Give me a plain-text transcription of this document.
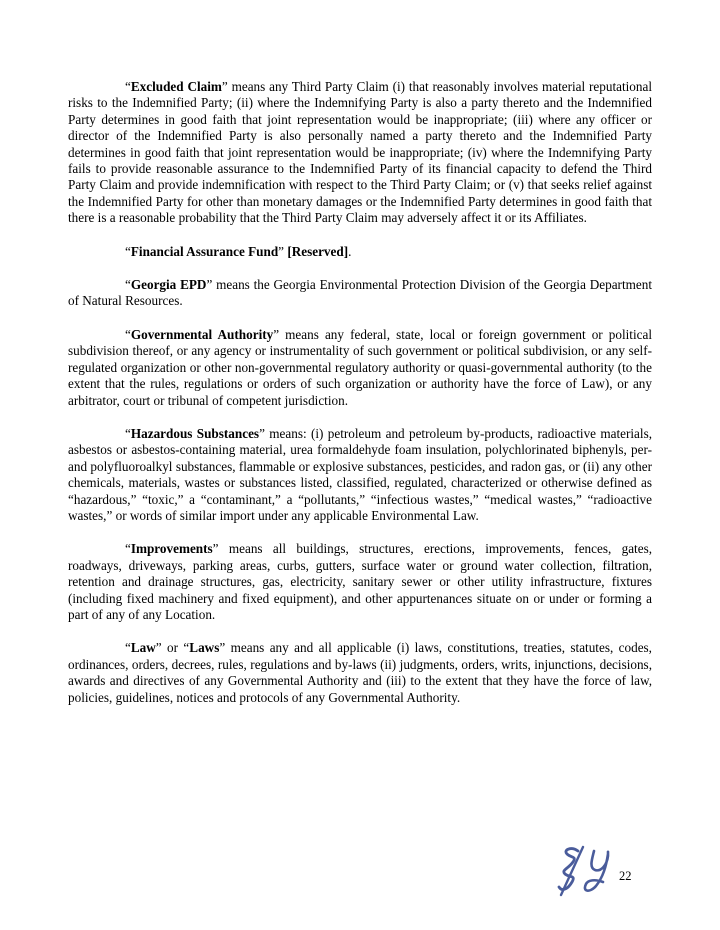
“Excluded Claim” means any Third Party Claim (i) that reasonably involves material reputational risks to the Indemnified Party; (ii) where the Indemnifying Party is also a party thereto and the Indemnified Party determines in good faith that joint representation would be inappropriate; (iii) where any officer or director of the Indemnified Party is also personally named a party thereto and the Indemnified Party determines in good faith that joint representation would be inappropriate; (iv) where the Indemnifying Party fails to provide reasonable assurance to the Indemnified Party of its financial capacity to defend the Third Party Claim and provide indemnification with respect to the Third Party Claim; or (v) that seeks relief against the Indemnified Party for other than monetary damages or the Indemnified Party determines in good faith that there is a reasonable probability that the Third Party Claim may adversely affect it or its Affiliates.

“Financial Assurance Fund” [Reserved].

“Georgia EPD” means the Georgia Environmental Protection Division of the Georgia Department of Natural Resources.

“Governmental Authority” means any federal, state, local or foreign government or political subdivision thereof, or any agency or instrumentality of such government or political subdivision, or any self-regulated organization or other non-governmental regulatory authority or quasi-governmental authority (to the extent that the rules, regulations or orders of such organization or authority have the force of Law), or any arbitrator, court or tribunal of competent jurisdiction.

“Hazardous Substances” means: (i) petroleum and petroleum by-products, radioactive materials, asbestos or asbestos-containing material, urea formaldehyde foam insulation, polychlorinated biphenyls, per- and polyfluoroalkyl substances, flammable or explosive substances, pesticides, and radon gas, or (ii) any other chemicals, materials, wastes or substances listed, classified, regulated, characterized or otherwise defined as “hazardous,” “toxic,” a “contaminant,” a “pollutants,” “infectious wastes,” “medical wastes,” “radioactive wastes,” or words of similar import under any applicable Environmental Law.

“Improvements” means all buildings, structures, erections, improvements, fences, gates, roadways, driveways, parking areas, curbs, gutters, surface water or ground water collection, filtration, retention and drainage structures, gas, electricity, sanitary sewer or other utility infrastructure, fixtures (including fixed machinery and fixed equipment), and other appurtenances situate on or under or forming a part of any of any Location.

“Law” or “Laws” means any and all applicable (i) laws, constitutions, treaties, statutes, codes, ordinances, orders, decrees, rules, regulations and by-laws (ii) judgments, orders, writs, injunctions, decisions, awards and directives of any Governmental Authority and (iii) to the extent that they have the force of law, policies, guidelines, notices and protocols of any Governmental Authority.

22
